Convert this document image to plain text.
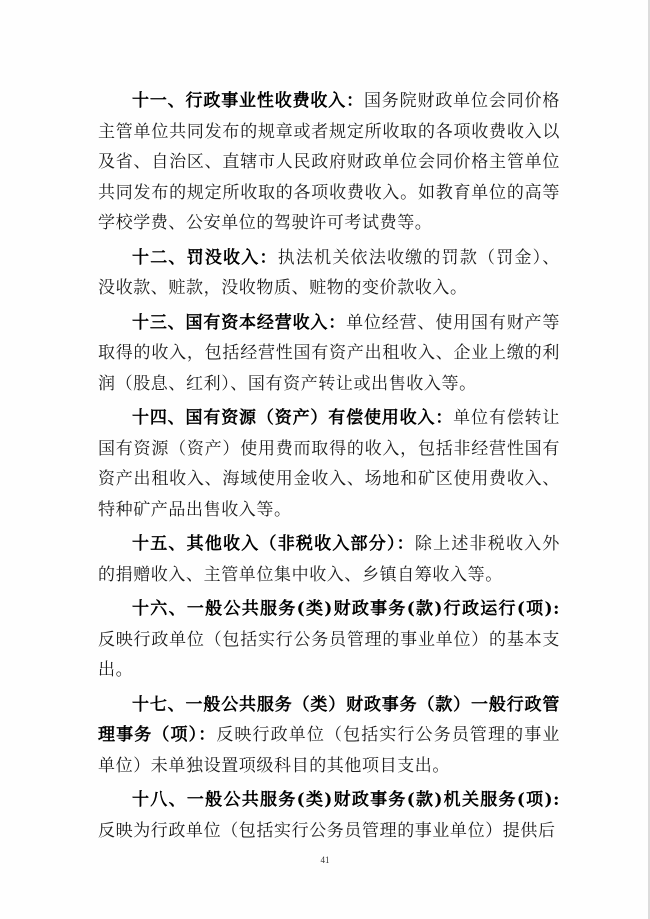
十一、行政事业性收费收入：国务院财政单位会同价格主管单位共同发布的规章或者规定所收取的各项收费收入以及省、自治区、直辖市人民政府财政单位会同价格主管单位共同发布的规定所收取的各项收费收入。如教育单位的高等学校学费、公安单位的驾驶许可考试费等。

十二、罚没收入：执法机关依法收缴的罚款（罚金）、没收款、赃款，没收物质、赃物的变价款收入。

十三、国有资本经营收入：单位经营、使用国有财产等取得的收入，包括经营性国有资产出租收入、企业上缴的利润（股息、红利）、国有资产转让或出售收入等。

十四、国有资源（资产）有偿使用收入：单位有偿转让国有资源（资产）使用费而取得的收入，包括非经营性国有资产出租收入、海域使用金收入、场地和矿区使用费收入、特种矿产品出售收入等。

十五、其他收入（非税收入部分）：除上述非税收入外的捐赠收入、主管单位集中收入、乡镇自筹收入等。

十六、一般公共服务(类)财政事务(款)行政运行(项):反映行政单位（包括实行公务员管理的事业单位）的基本支出。

十七、一般公共服务（类）财政事务（款）一般行政管理事务（项）：反映行政单位（包括实行公务员管理的事业单位）未单独设置项级科目的其他项目支出。

十八、一般公共服务(类)财政事务(款)机关服务(项):反映为行政单位（包括实行公务员管理的事业单位）提供后

41
